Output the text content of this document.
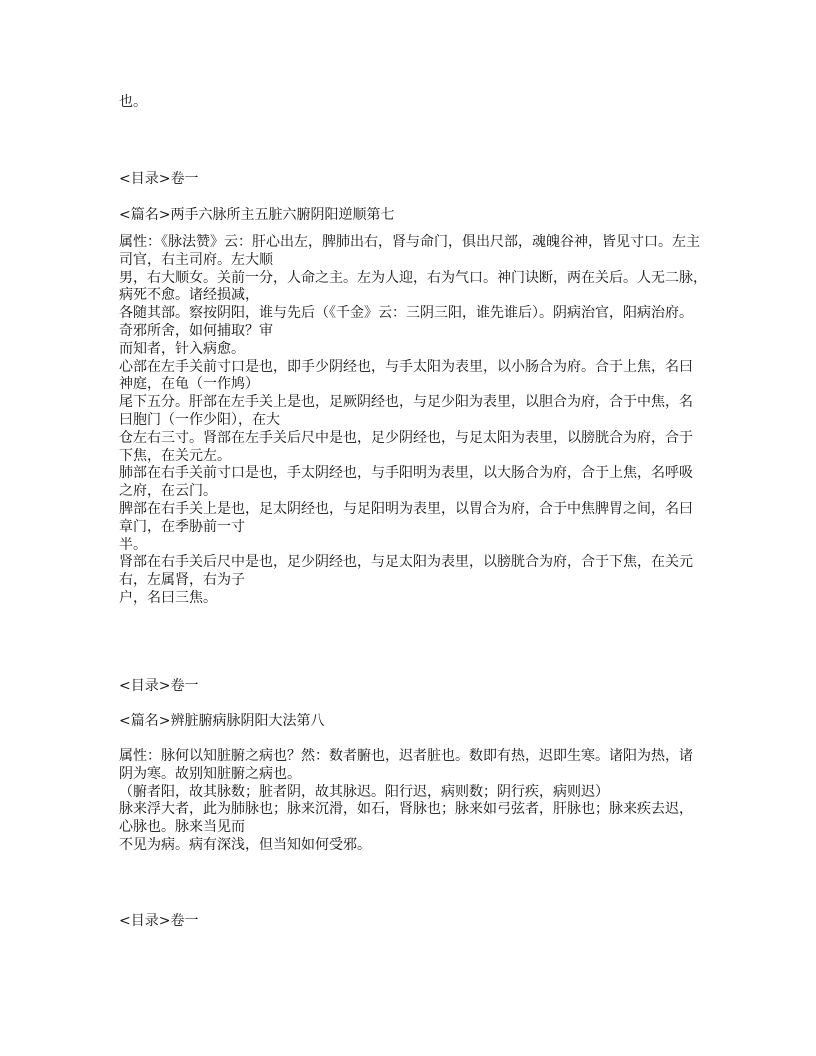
也。
<目录>卷一
<篇名>两手六脉所主五脏六腑阴阳逆顺第七
属性：《脉法赞》云：肝心出左，脾肺出右，肾与命门，俱出尺部，魂魄谷神，皆见寸口。左主
司官，右主司府。左大顺
男，右大顺女。关前一分，人命之主。左为人迎，右为气口。神门诀断，两在关后。人无二脉，
病死不愈。诸经损减，
各随其部。察按阴阳，谁与先后（《千金》云：三阴三阳，谁先谁后）。阴病治官，阳病治府。
奇邪所舍，如何捕取？审
而知者，针入病愈。
心部在左手关前寸口是也，即手少阴经也，与手太阳为表里，以小肠合为府。合于上焦，名曰
神庭，在龟（一作鸠）
尾下五分。肝部在左手关上是也，足厥阴经也，与足少阳为表里，以胆合为府，合于中焦，名
曰胞门（一作少阳），在大
仓左右三寸。肾部在左手关后尺中是也，足少阴经也，与足太阳为表里，以膀胱合为府，合于
下焦，在关元左。
肺部在右手关前寸口是也，手太阴经也，与手阳明为表里，以大肠合为府，合于上焦，名呼吸
之府，在云门。
脾部在右手关上是也，足太阴经也，与足阳明为表里，以胃合为府，合于中焦脾胃之间，名曰
章门，在季胁前一寸
半。
肾部在右手关后尺中是也，足少阴经也，与足太阳为表里，以膀胱合为府，合于下焦，在关元
右，左属肾，右为子
户，名曰三焦。
<目录>卷一
<篇名>辨脏腑病脉阴阳大法第八
属性：脉何以知脏腑之病也？然：数者腑也，迟者脏也。数即有热，迟即生寒。诸阳为热，诸
阴为寒。故别知脏腑之病也。
（腑者阳，故其脉数；脏者阴，故其脉迟。阳行迟，病则数；阴行疾，病则迟）
脉来浮大者，此为肺脉也；脉来沉滑，如石，肾脉也；脉来如弓弦者，肝脉也；脉来疾去迟，
心脉也。脉来当见而
不见为病。病有深浅，但当知如何受邪。
<目录>卷一
